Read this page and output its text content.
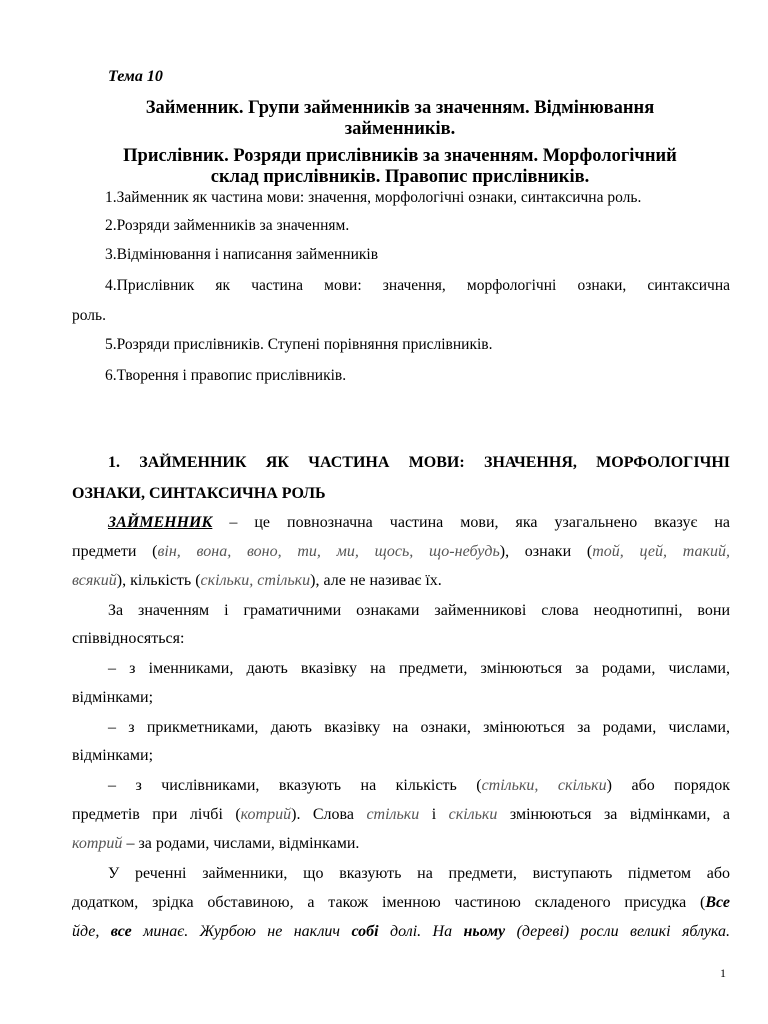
Тема 10
Займенник. Групи займенників за значенням. Відмінювання
займенників.
Прислівник. Розряди прислівників за значенням. Морфологічний
склад прислівників. Правопис прислівників.
1.Займенник як частина мови: значення, морфологічні ознаки, синтаксична роль.
2.Розряди займенників за значенням.
3.Відмінювання і написання займенників
4.Прислівник як частина мови: значення, морфологічні ознаки, синтаксична
роль.
5.Розряди прислівників. Ступені порівняння прислівників.
6.Творення і правопис прислівників.
1. ЗАЙМЕННИК ЯК ЧАСТИНА МОВИ: ЗНАЧЕННЯ, МОРФОЛОГІЧНІ
ОЗНАКИ, СИНТАКСИЧНА РОЛЬ
ЗАЙМЕННИК – це повнозначна частина мови, яка узагальнено вказує на
предмети (він, вона, воно, ти, ми, щось, що-небудь), ознаки (той, цей, такий,
всякий), кількість (скільки, стільки), але не називає їх.
За значенням і граматичними ознаками займенникові слова неоднотипні, вони
співвідносяться:
– з іменниками, дають вказівку на предмети, змінюються за родами, числами,
відмінками;
– з прикметниками, дають вказівку на ознаки, змінюються за родами, числами,
відмінками;
– з числівниками, вказують на кількість (стільки, скільки) або порядок
предметів при лічбі (котрий). Слова стільки і скільки змінюються за відмінками, а
котрий – за родами, числами, відмінками.
У реченні займенники, що вказують на предмети, виступають підметом або
додатком, зрідка обставиною, а також іменною частиною складеного присудка (Все
йде, все минає. Журбою не наклич собі долі. На ньому (дереві) росли великі яблука.
1
